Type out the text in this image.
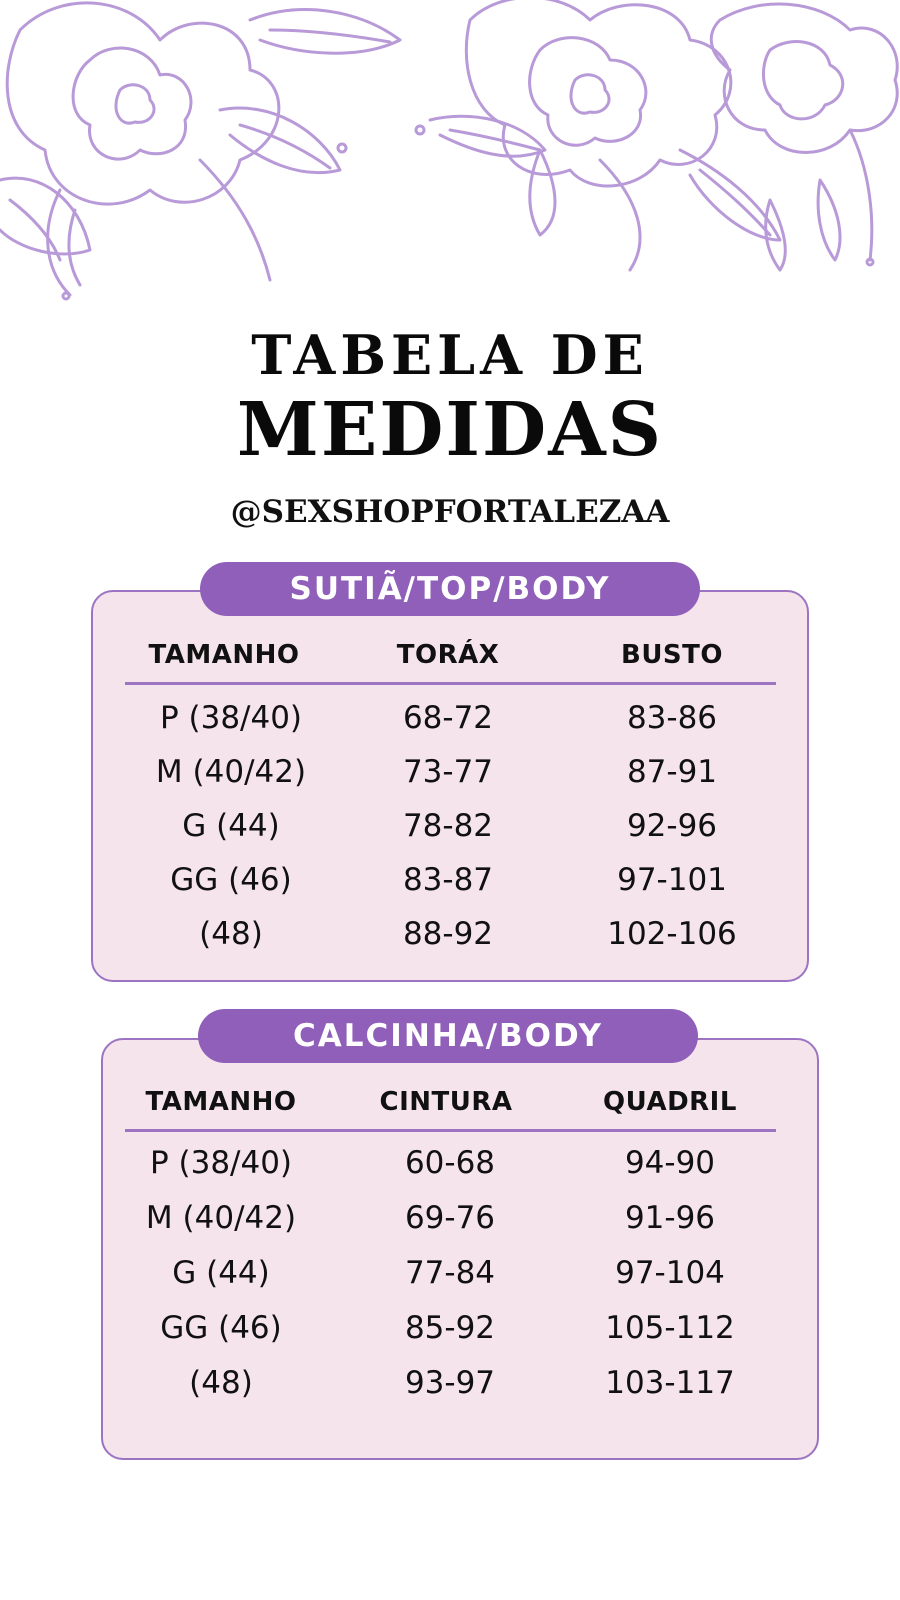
TABELA DE
MEDIDAS
@SEXSHOPFORTALEZAA
SUTIÃ/TOP/BODY
TAMANHO	TORÁX	BUSTO
P (38/40)	68-72	83-86
M (40/42)	73-77	87-91
G (44)	78-82	92-96
GG (46)	83-87	97-101
(48)	88-92	102-106
CALCINHA/BODY
TAMANHO	CINTURA	QUADRIL
P (38/40)	60-68	94-90
M (40/42)	69-76	91-96
G (44)	77-84	97-104
GG (46)	85-92	105-112
(48)	93-97	103-117
